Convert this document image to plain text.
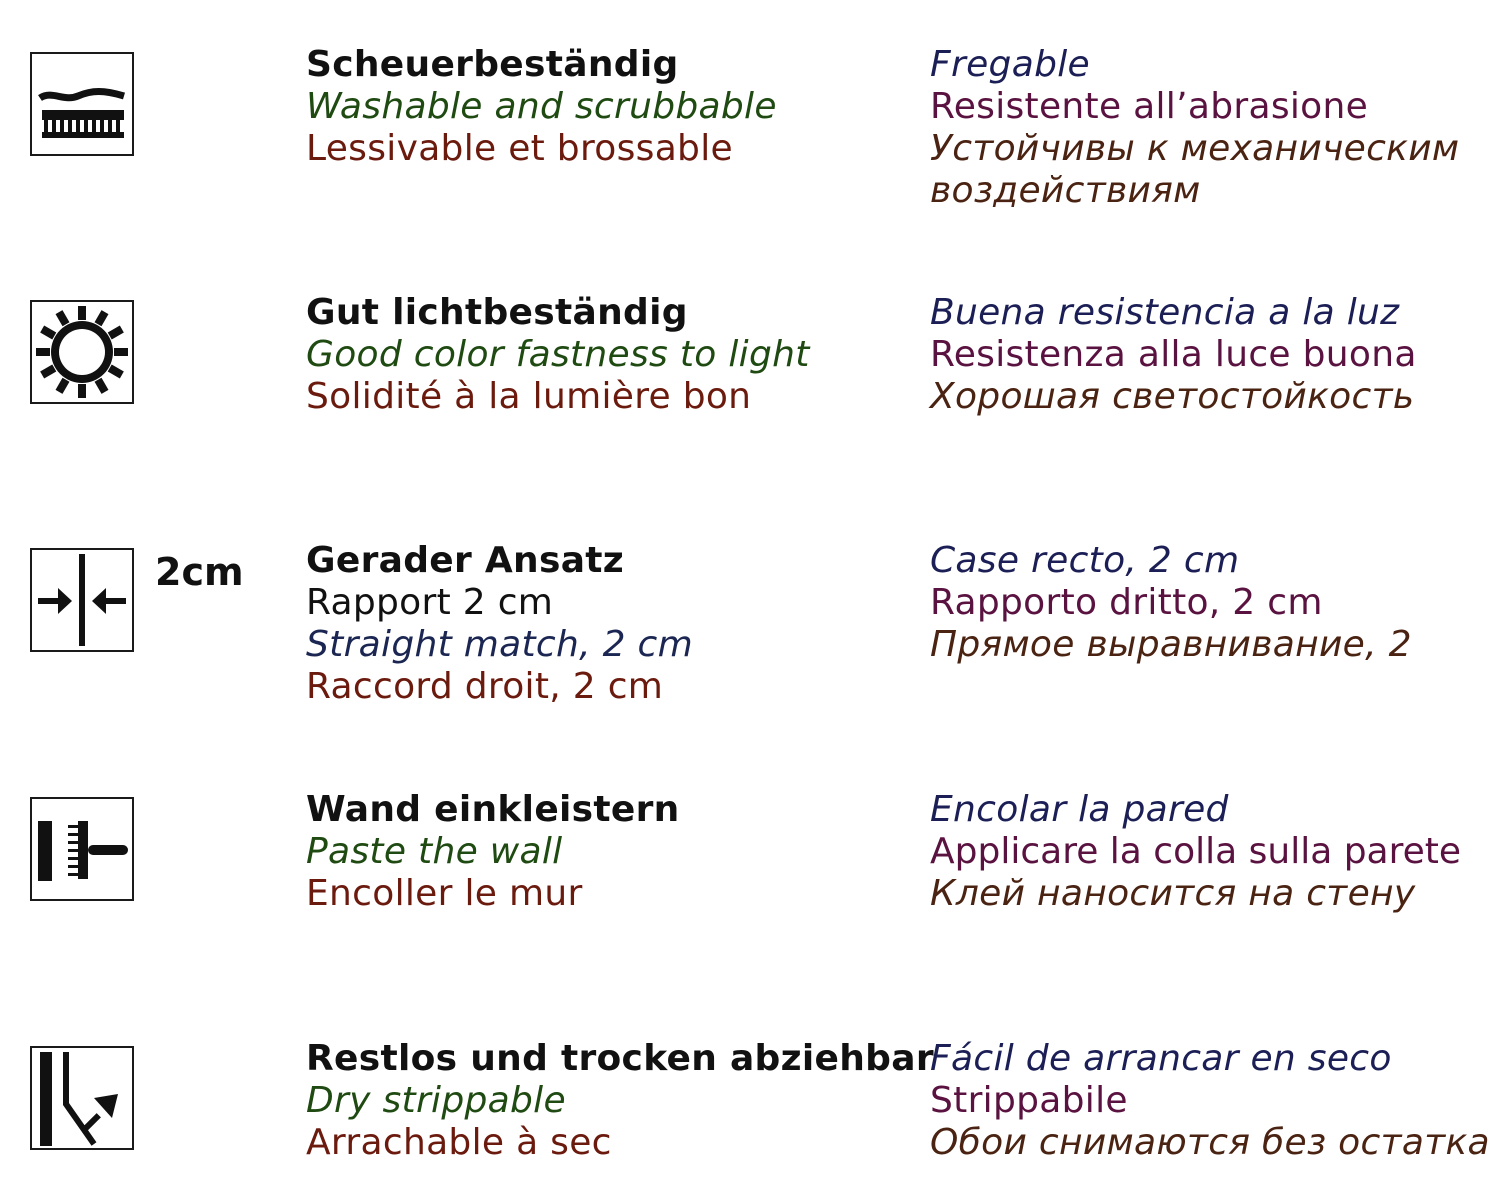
Scheuerbeständig
Washable and scrubbable
Lessivable et brossable
Fregable
Resistente all’abrasione
Устойчивы к механическим воздействиям
Gut lichtbeständig
Good color fastness to light
Solidité à la lumière bon
Buena resistencia a la luz
Resistenza alla luce buona
Хорошая светостойкость
2cm Gerader Ansatz
Rapport 2 cm
Straight match, 2 cm
Raccord droit, 2 cm
Case recto, 2 cm
Rapporto dritto, 2 cm
Прямое выравнивание, 2
Wand einkleistern
Paste the wall
Encoller le mur
Encolar la pared
Applicare la colla sulla parete
Клей наносится на стену
Restlos und trocken abziehbar
Dry strippable
Arrachable à sec
Fácil de arrancar en seco
Strippabile
Обои снимаются без остатка
